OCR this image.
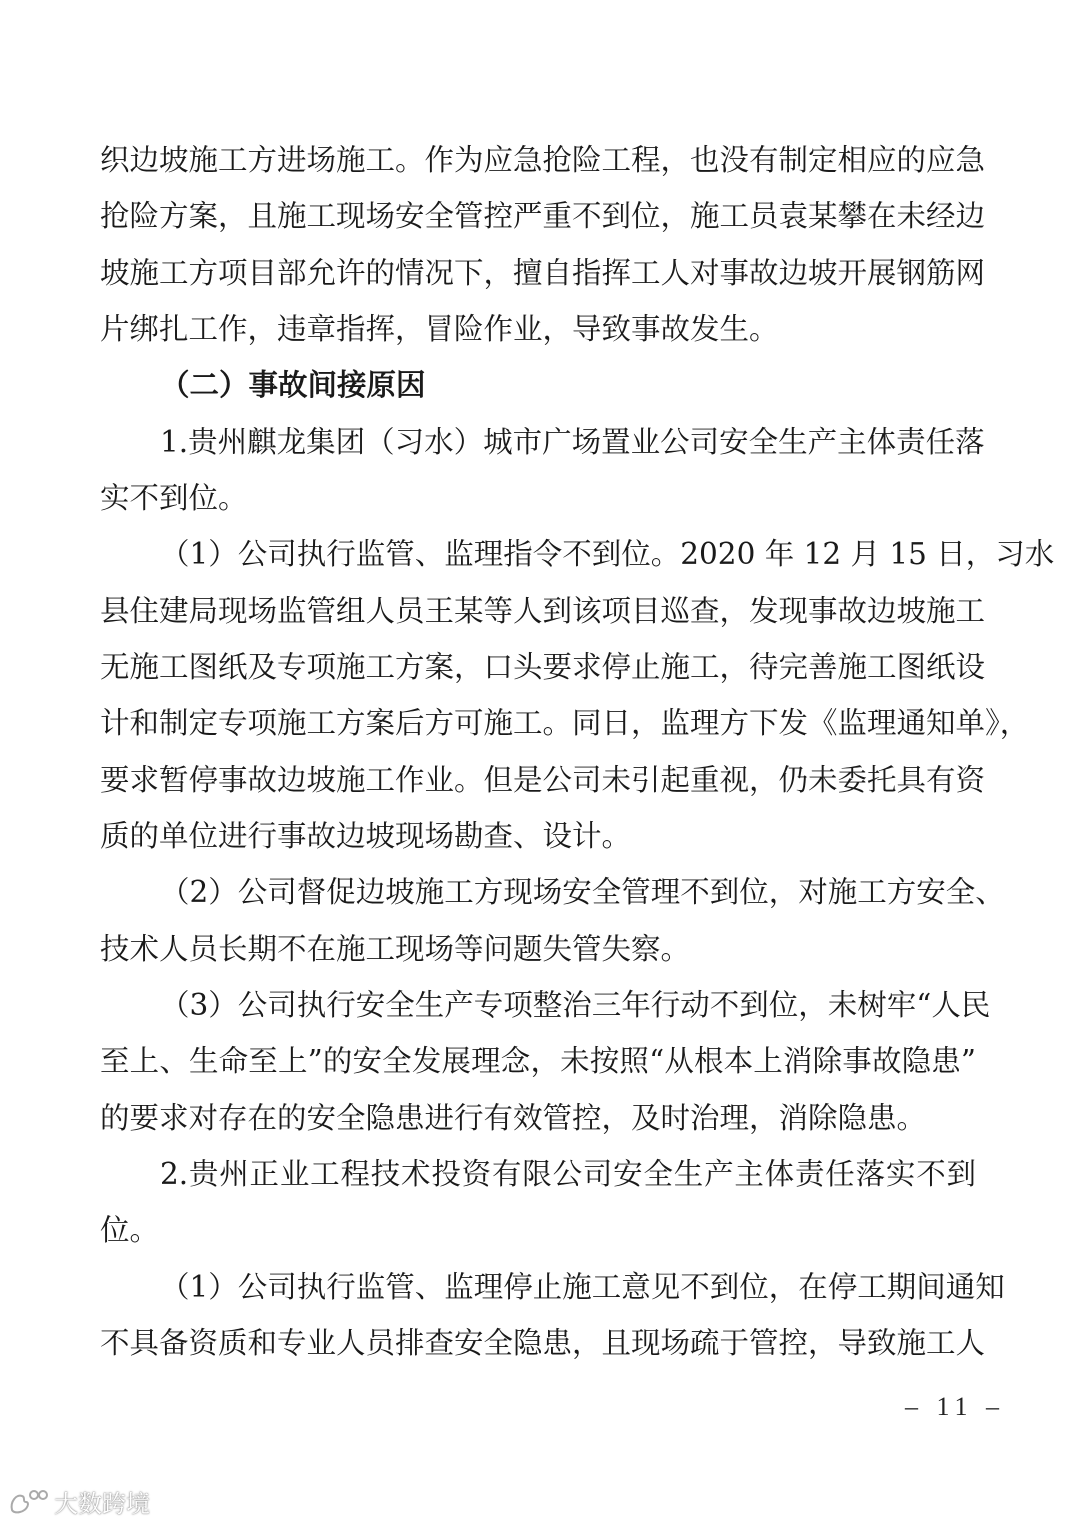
织边坡施工方进场施工。作为应急抢险工程，也没有制定相应的应急
抢险方案，且施工现场安全管控严重不到位，施工员袁某攀在未经边
坡施工方项目部允许的情况下，擅自指挥工人对事故边坡开展钢筋网
片绑扎工作，违章指挥，冒险作业，导致事故发生。
（二）事故间接原因
1.贵州麒龙集团（习水）城市广场置业公司安全生产主体责任落
实不到位。
（1）公司执行监管、监理指令不到位。2020 年 12 月 15 日，习水
县住建局现场监管组人员王某等人到该项目巡查，发现事故边坡施工
无施工图纸及专项施工方案，口头要求停止施工，待完善施工图纸设
计和制定专项施工方案后方可施工。同日，监理方下发《监理通知单》，
要求暂停事故边坡施工作业。但是公司未引起重视，仍未委托具有资
质的单位进行事故边坡现场勘查、设计。
（2）公司督促边坡施工方现场安全管理不到位，对施工方安全、
技术人员长期不在施工现场等问题失管失察。
（3）公司执行安全生产专项整治三年行动不到位，未树牢“人民
至上、生命至上”的安全发展理念，未按照“从根本上消除事故隐患”
的要求对存在的安全隐患进行有效管控，及时治理，消除隐患。
2.贵州正业工程技术投资有限公司安全生产主体责任落实不到
位。
（1）公司执行监管、监理停止施工意见不到位，在停工期间通知
不具备资质和专业人员排查安全隐患，且现场疏于管控，导致施工人
– 11 –
大数跨境
